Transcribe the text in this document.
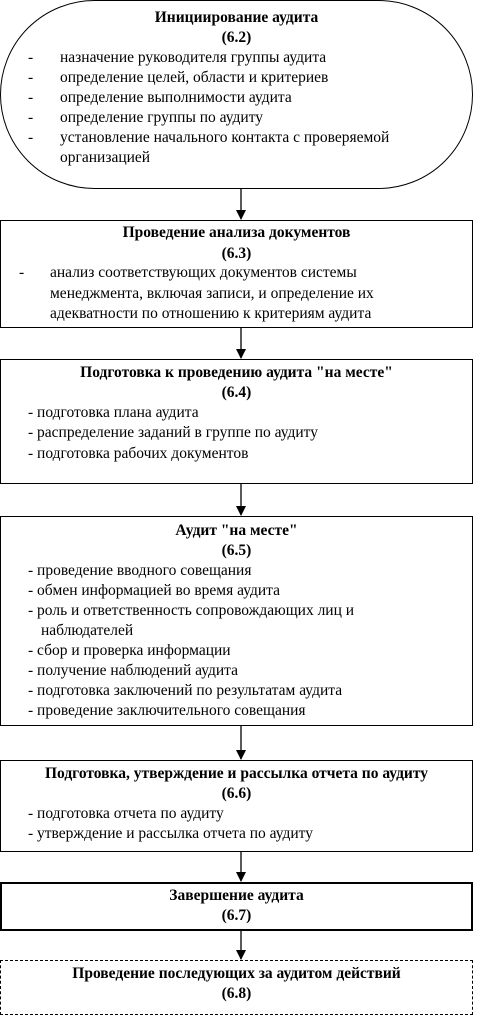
Инициирование аудита
(6.2)
- назначение руководителя группы аудита
- определение целей, области и критериев
- определение выполнимости аудита
- определение группы по аудиту
- установление начального контакта с проверяемой
организацией
Проведение анализа документов
(6.3)
- анализ соответствующих документов системы
менеджмента, включая записи, и определение их
адекватности по отношению к критериям аудита
Подготовка к проведению аудита "на месте"
(6.4)
- подготовка плана аудита
- распределение заданий в группе по аудиту
- подготовка рабочих документов
Аудит "на месте"
(6.5)
- проведение вводного совещания
- обмен информацией во время аудита
- роль и ответственность сопровождающих лиц и
наблюдателей
- сбор и проверка информации
- получение наблюдений аудита
- подготовка заключений по результатам аудита
- проведение заключительного совещания
Подготовка, утверждение и рассылка отчета по аудиту
(6.6)
- подготовка отчета по аудиту
- утверждение и рассылка отчета по аудиту
Завершение аудита
(6.7)
Проведение последующих за аудитом действий
(6.8)
